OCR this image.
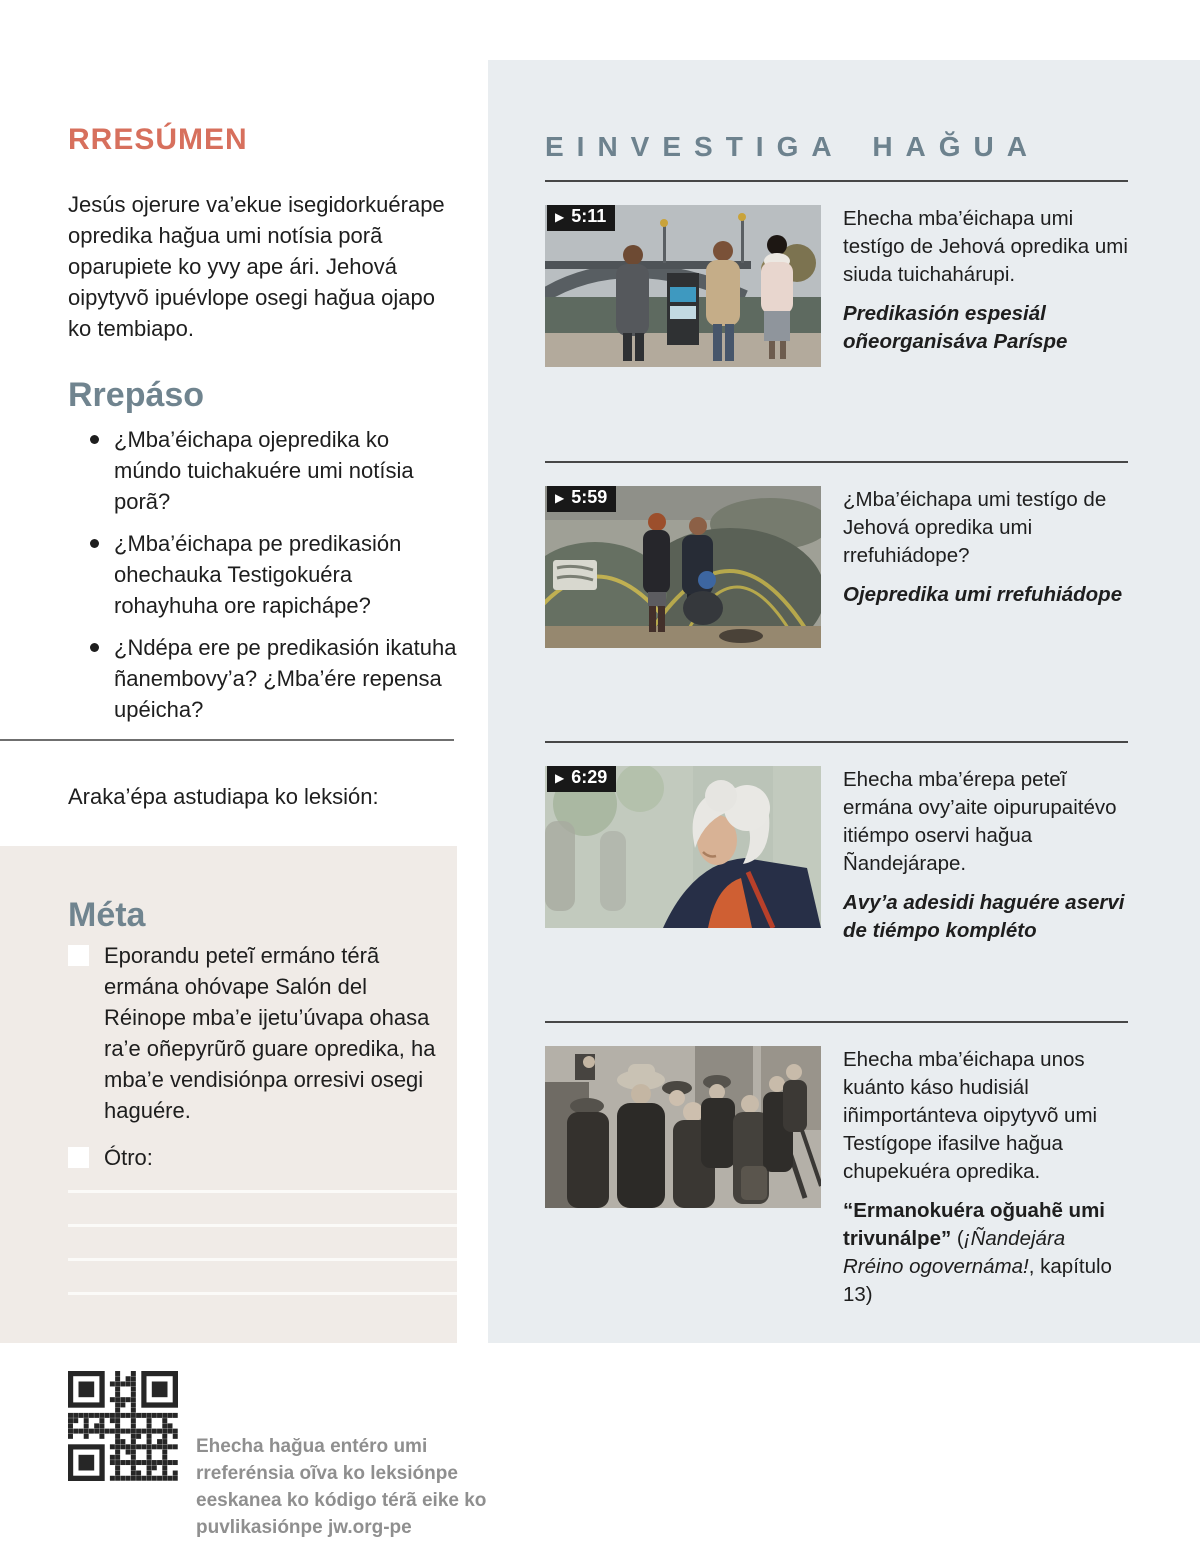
RRESÚMEN

Jesús ojerure va’ekue isegidorkuérape opredika hağua umi notísia porã oparupiete ko yvy ape ári. Jehová oipytyvõ ipuévlope osegi hağua ojapo ko tembiapo.

Rrepáso
¿Mba’éichapa ojepredika ko múndo tuichakuére umi notísia porã?
¿Mba’éichapa pe predikasión ohechauka Testigokuéra rohayhuha ore rapichápe?
¿Ndépa ere pe predikasión ikatuha ñanembovy’a? ¿Mba’ére repensa upéicha?

Araka’épa astudiapa ko leksión:

Méta
Eporandu peteĩ ermáno térã ermána ohóvape Salón del Réinope mba’e ijetu’úvapa ohasa ra’e oñepyrũrõ guare opredika, ha mba’e vendisiónpa orresivi osegi haguére.
Ótro:

Ehecha hağua entéro umi rreferénsia oĩva ko leksiónpe eeskanea ko kódigo térã eike ko puvlikasiónpe jw.org-pe

EINVESTIGA HAĞUA
▶ 5:11	Ehecha mba’éichapa umi testígo de Jehová opredika umi siuda tuichahárupi.

Predikasión espesiál oñeorganisáva Paríspe

▶ 5:59	¿Mba’éichapa umi testígo de Jehová opredika umi rrefuhiádope?

Ojepredika umi rrefuhiádope

▶ 6:29	Ehecha mba’érepa peteĩ ermána ovy’aite oipurupaitévo itiémpo oservi hağua Ñandejárape.

Avy’a adesidi haguére aservi de tiémpo kompléto

Ehecha mba’éichapa unos kuánto káso hudisiál iñimportánteva oipytyvõ umi Testígope ifasilve hağua chupekuéra opredika.

“Ermanokuéra oğuahẽ umi trivunálpe” (¡Ñandejára Rréino ogovernáma!, kapítulo 13)
